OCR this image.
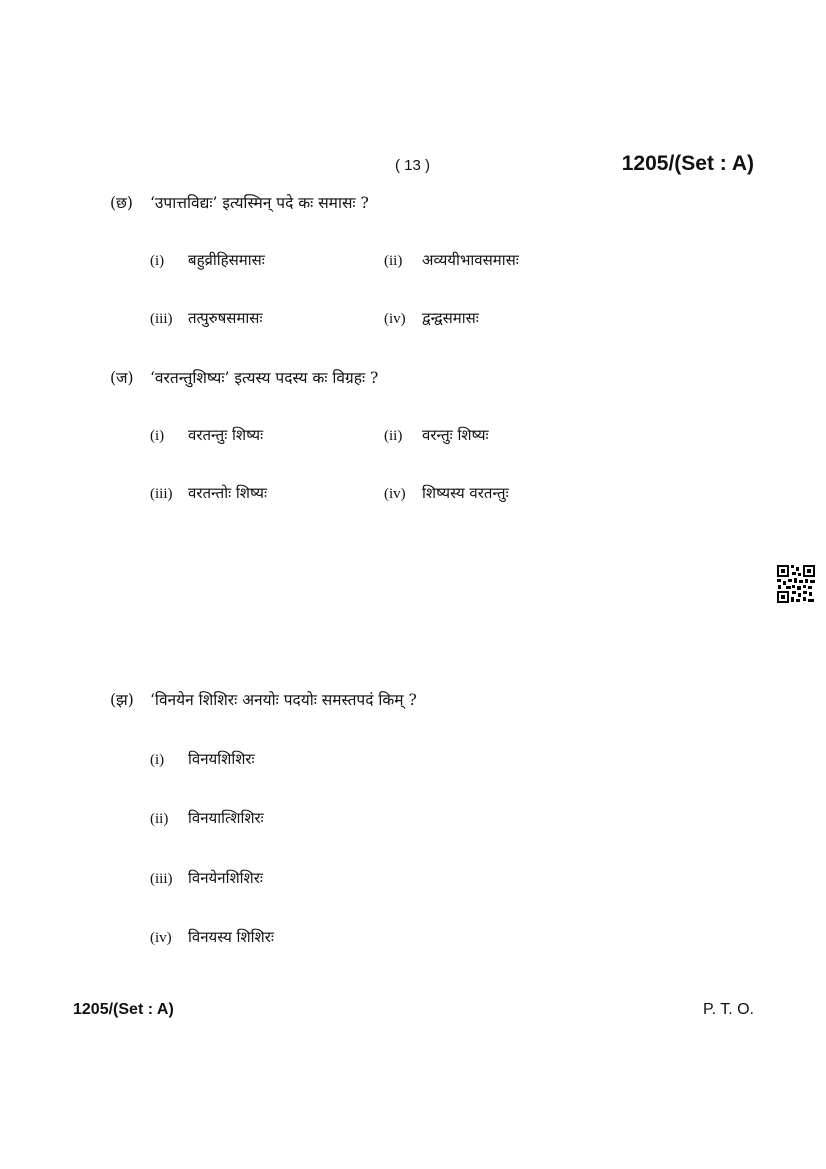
( 13 )	1205/(Set : A)
(छ) ‘उपात्तविद्यः’ इत्यस्मिन् पदे कः समासः ?
(i) बहुव्रीहिसमासः	(ii) अव्ययीभावसमासः
(iii) तत्पुरुषसमासः	(iv) द्वन्द्वसमासः
(ज) ‘वरतन्तुशिष्यः’ इत्यस्य पदस्य कः विग्रहः ?
(i) वरतन्तुः शिष्यः	(ii) वरन्तुः शिष्यः
(iii) वरतन्तोः शिष्यः	(iv) शिष्यस्य वरतन्तुः
(झ) ‘विनयेन शिशिरः अनयोः पदयोः समस्तपदं किम् ?
(i) विनयशिशिरः
(ii) विनयात्शिशिरः
(iii) विनयेनशिशिरः
(iv) विनयस्य शिशिरः
1205/(Set : A)	P. T. O.
